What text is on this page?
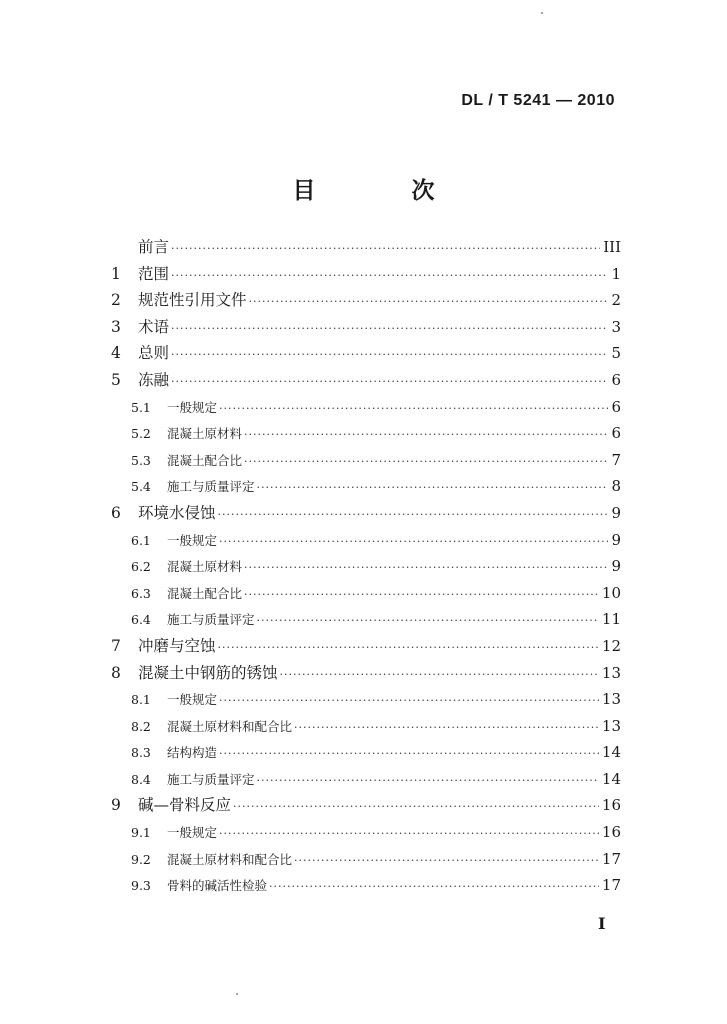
DL / T 5241 — 2010
目 次
前言 ·····	III
1	范围 ·····	1
2	规范性引用文件 ·····	2
3	术语 ·····	3
4	总则 ·····	5
5	冻融 ·····	6
5.1	一般规定 ·····	6
5.2	混凝土原材料 ·····	6
5.3	混凝土配合比 ·····	7
5.4	施工与质量评定 ·····	8
6	环境水侵蚀 ·····	9
6.1	一般规定 ·····	9
6.2	混凝土原材料 ·····	9
6.3	混凝土配合比 ·····	10
6.4	施工与质量评定 ·····	11
7	冲磨与空蚀 ·····	12
8	混凝土中钢筋的锈蚀 ·····	13
8.1	一般规定 ·····	13
8.2	混凝土原材料和配合比 ·····	13
8.3	结构构造 ·····	14
8.4	施工与质量评定 ·····	14
9	碱—骨料反应 ·····	16
9.1	一般规定 ·····	16
9.2	混凝土原材料和配合比 ·····	17
9.3	骨料的碱活性检验 ·····	17
I
